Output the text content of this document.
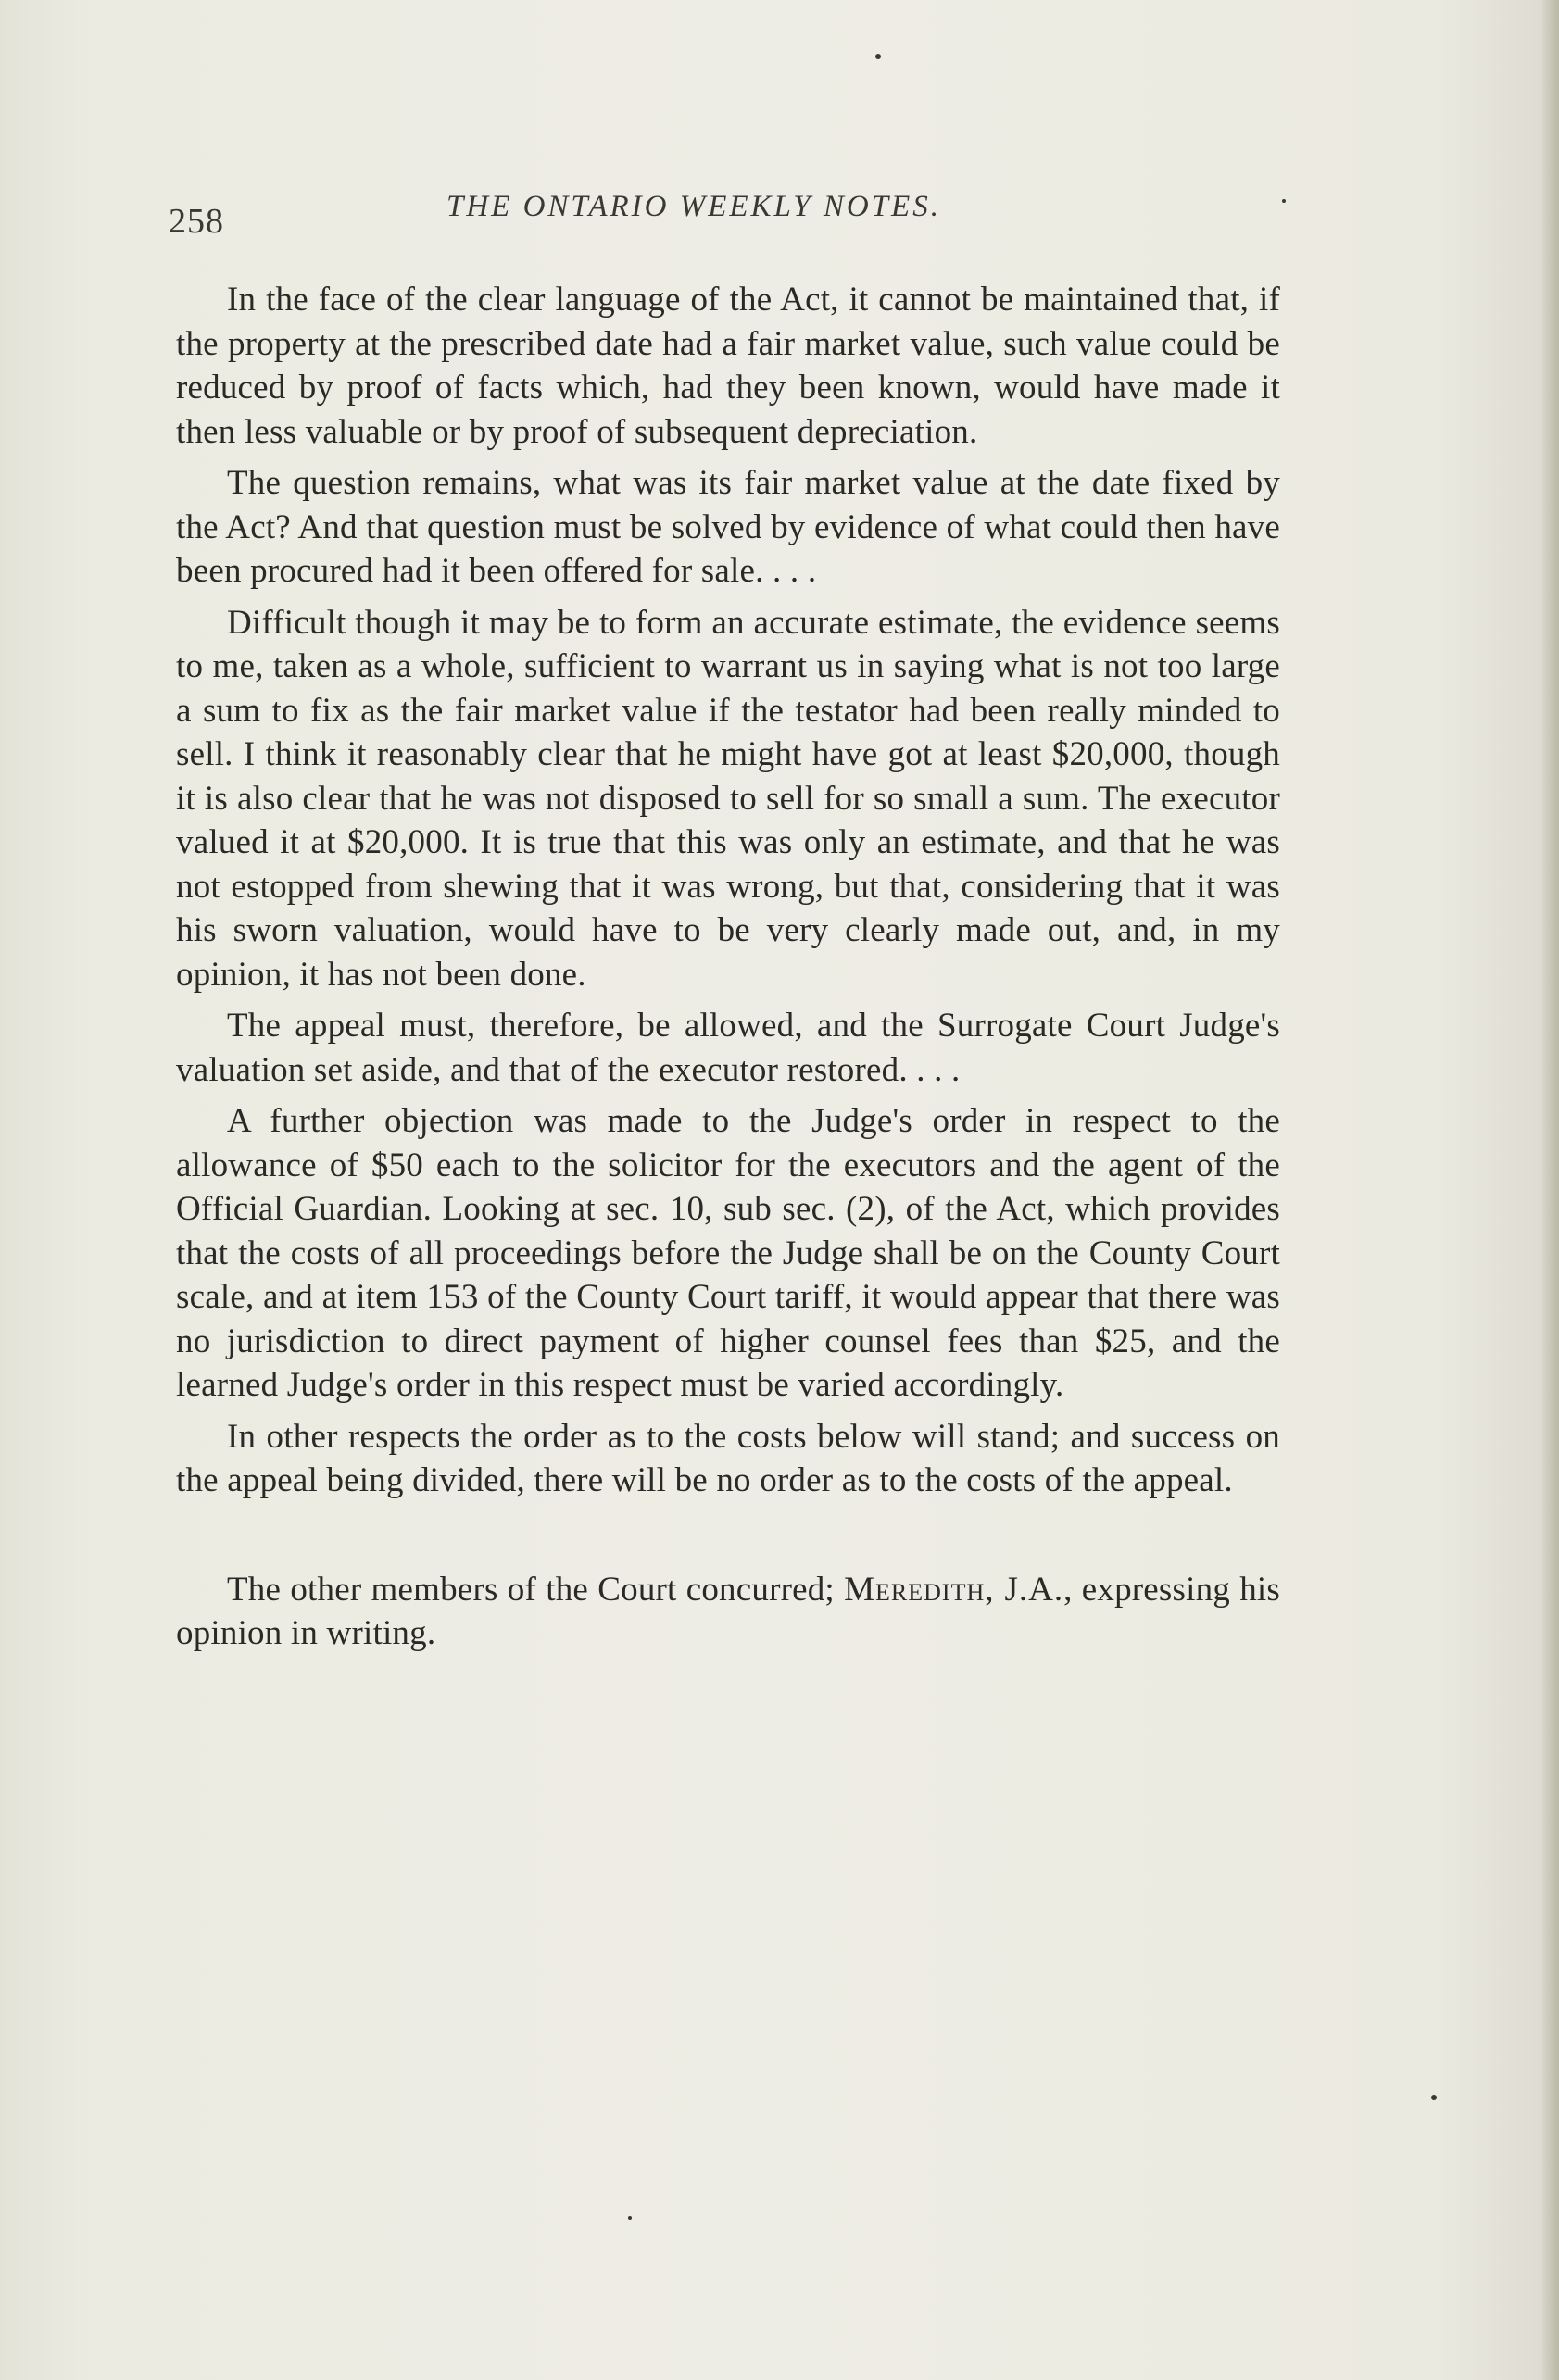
258	THE ONTARIO WEEKLY NOTES.

In the face of the clear language of the Act, it cannot be maintained that, if the property at the prescribed date had a fair market value, such value could be reduced by proof of facts which, had they been known, would have made it then less valuable or by proof of subsequent depreciation.

The question remains, what was its fair market value at the date fixed by the Act? And that question must be solved by evidence of what could then have been procured had it been offered for sale. . . .

Difficult though it may be to form an accurate estimate, the evidence seems to me, taken as a whole, sufficient to warrant us in saying what is not too large a sum to fix as the fair market value if the testator had been really minded to sell. I think it reasonably clear that he might have got at least $20,000, though it is also clear that he was not disposed to sell for so small a sum. The executor valued it at $20,000. It is true that this was only an estimate, and that he was not estopped from shewing that it was wrong, but that, considering that it was his sworn valuation, would have to be very clearly made out, and, in my opinion, it has not been done.

The appeal must, therefore, be allowed, and the Surrogate Court Judge's valuation set aside, and that of the executor restored. . . .

A further objection was made to the Judge's order in respect to the allowance of $50 each to the solicitor for the executors and the agent of the Official Guardian. Looking at sec. 10, sub sec. (2), of the Act, which provides that the costs of all proceedings before the Judge shall be on the County Court scale, and at item 153 of the County Court tariff, it would appear that there was no jurisdiction to direct payment of higher counsel fees than $25, and the learned Judge's order in this respect must be varied accordingly.

In other respects the order as to the costs below will stand; and success on the appeal being divided, there will be no order as to the costs of the appeal.

The other members of the Court concurred; Meredith, J.A., expressing his opinion in writing.
